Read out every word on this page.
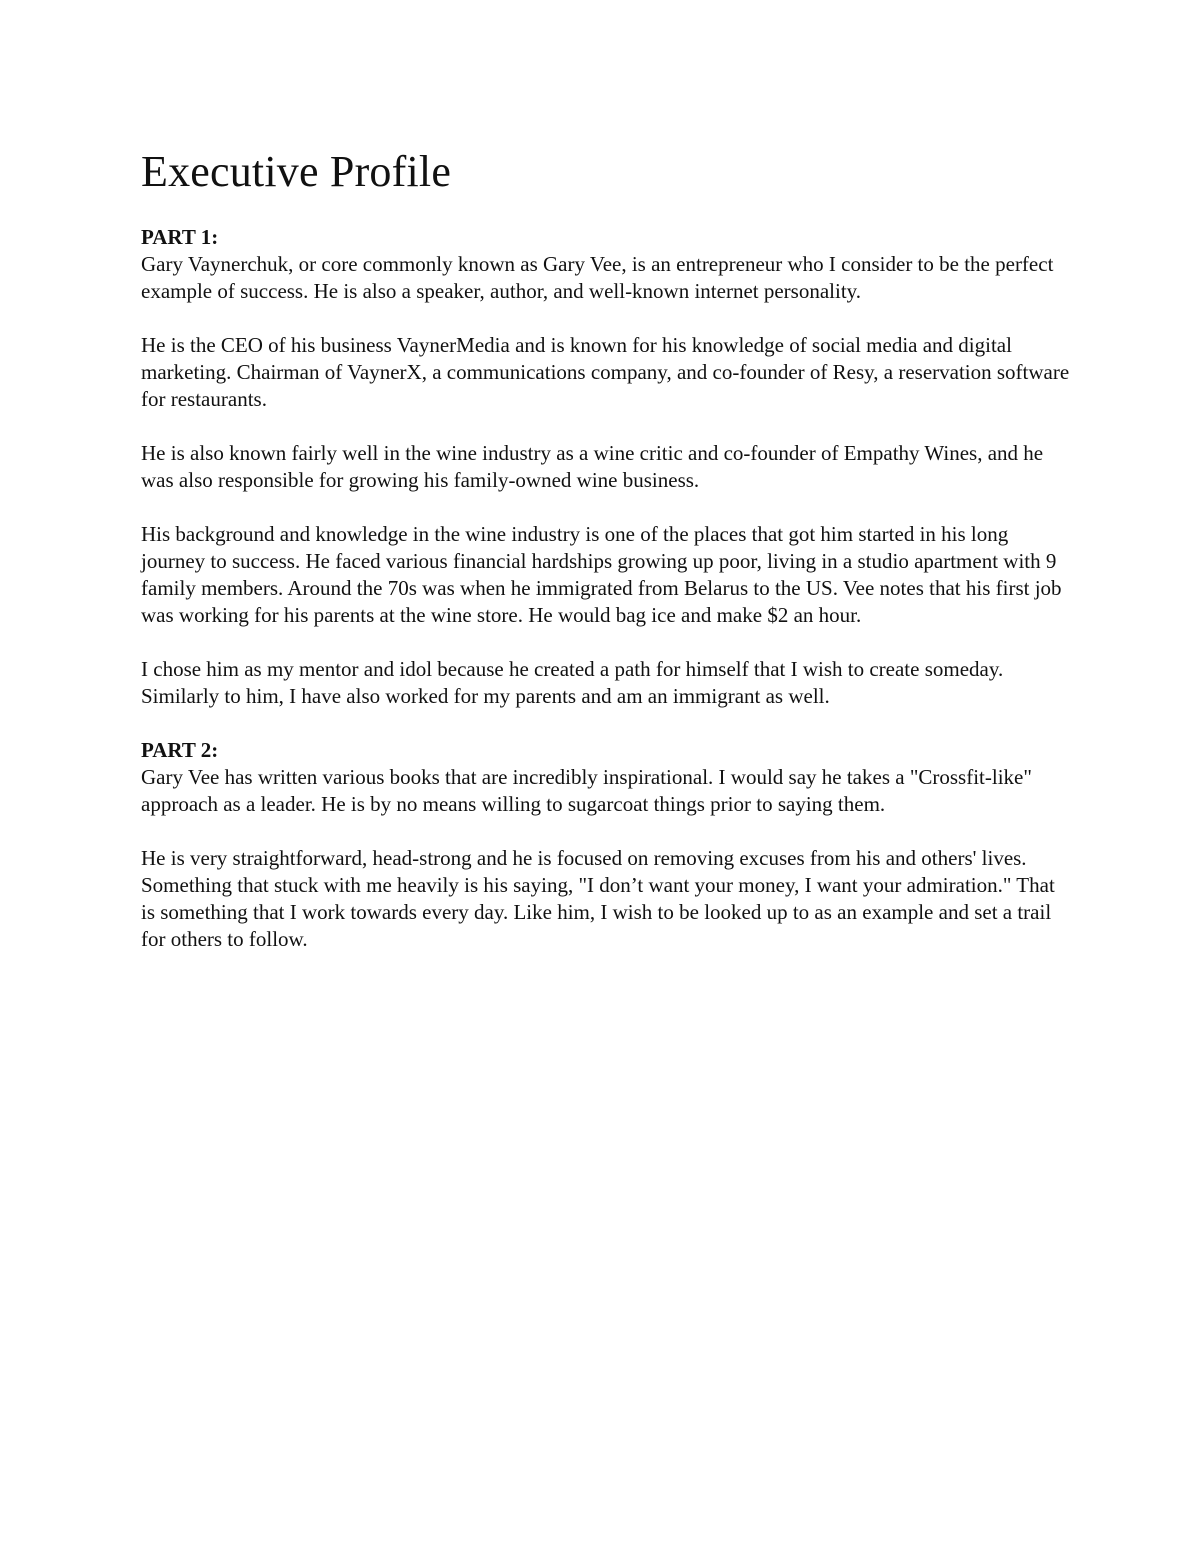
Executive Profile
PART 1:

Gary Vaynerchuk, or core commonly known as Gary Vee, is an entrepreneur who I consider to be the perfect example of success. He is also a speaker, author, and well-known internet personality.

He is the CEO of his business VaynerMedia and is known for his knowledge of social media and digital marketing. Chairman of VaynerX, a communications company, and co-founder of Resy, a reservation software for restaurants.

He is also known fairly well in the wine industry as a wine critic and co-founder of Empathy Wines, and he was also responsible for growing his family-owned wine business.

His background and knowledge in the wine industry is one of the places that got him started in his long journey to success. He faced various financial hardships growing up poor, living in a studio apartment with 9 family members. Around the 70s was when he immigrated from Belarus to the US. Vee notes that his first job was working for his parents at the wine store. He would bag ice and make $2 an hour.

I chose him as my mentor and idol because he created a path for himself that I wish to create someday. Similarly to him, I have also worked for my parents and am an immigrant as well.

PART 2:

Gary Vee has written various books that are incredibly inspirational. I would say he takes a "Crossfit-like" approach as a leader. He is by no means willing to sugarcoat things prior to saying them.

He is very straightforward, head-strong and he is focused on removing excuses from his and others' lives. Something that stuck with me heavily is his saying, "I don’t want your money, I want your admiration." That is something that I work towards every day. Like him, I wish to be looked up to as an example and set a trail for others to follow.
